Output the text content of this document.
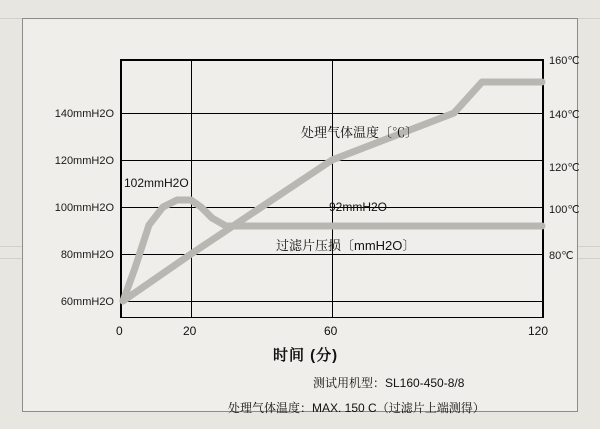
140mmH2O
120mmH2O
100mmH2O
80mmH2O
60mmH2O
160℃
140℃
120℃
100℃
80℃
102mmH2O
92mmH2O
处理气体温度〔℃〕
过滤片压损〔mmH2O〕
0	20	60	120
时间 (分)
测试用机型：SL160-450-8/8
处理气体温度：MAX. 150 C（过滤片上端测得）
